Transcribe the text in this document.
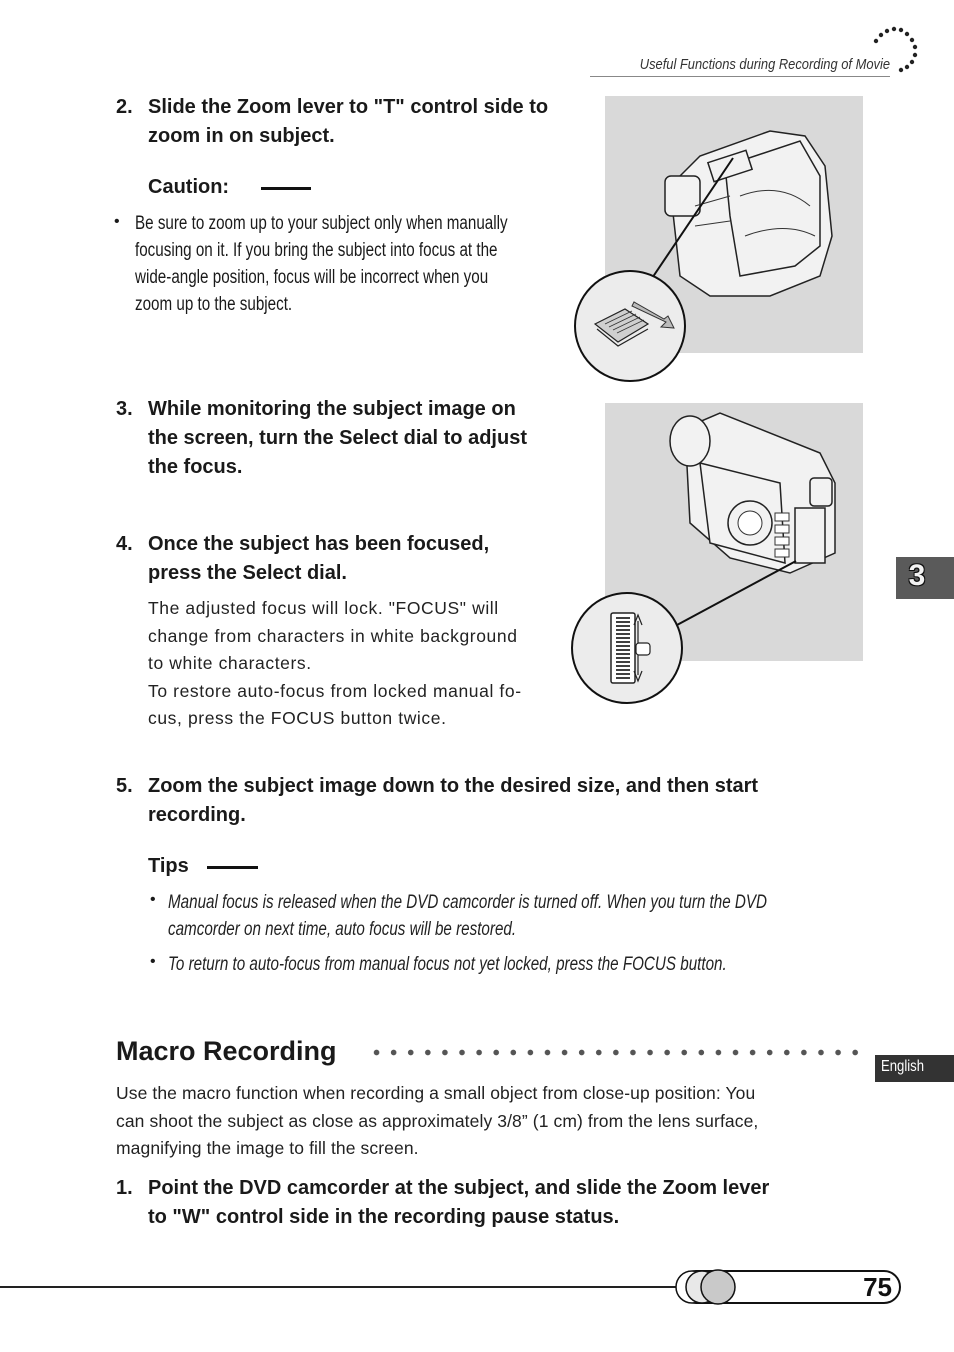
Useful Functions during Recording of Movie
2. Slide the Zoom lever to "T" control side to zoom in on subject.
Caution:
• Be sure to zoom up to your subject only when manually
focusing on it. If you bring the subject into focus at the
wide-angle position, focus will be incorrect when you
zoom up to the subject.
3. While monitoring the subject image on
the screen, turn the Select dial to adjust
the focus.
4. Once the subject has been focused,
press the Select dial.
The adjusted focus will lock. "FOCUS" will
change from characters in white background
to white characters.
To restore auto-focus from locked manual fo-
cus, press the FOCUS button twice.
5. Zoom the subject image down to the desired size, and then start
recording.
Tips
• Manual focus is released when the DVD camcorder is turned off. When you turn the DVD
camcorder on next time, auto focus will be restored.
• To return to auto-focus from manual focus not yet locked, press the FOCUS button.
Macro Recording
Use the macro function when recording a small object from close-up position: You
can shoot the subject as close as approximately 3/8” (1 cm) from the lens surface,
magnifying the image to fill the screen.
1. Point the DVD camcorder at the subject, and slide the Zoom lever
to "W" control side in the recording pause status.
3
English
75
